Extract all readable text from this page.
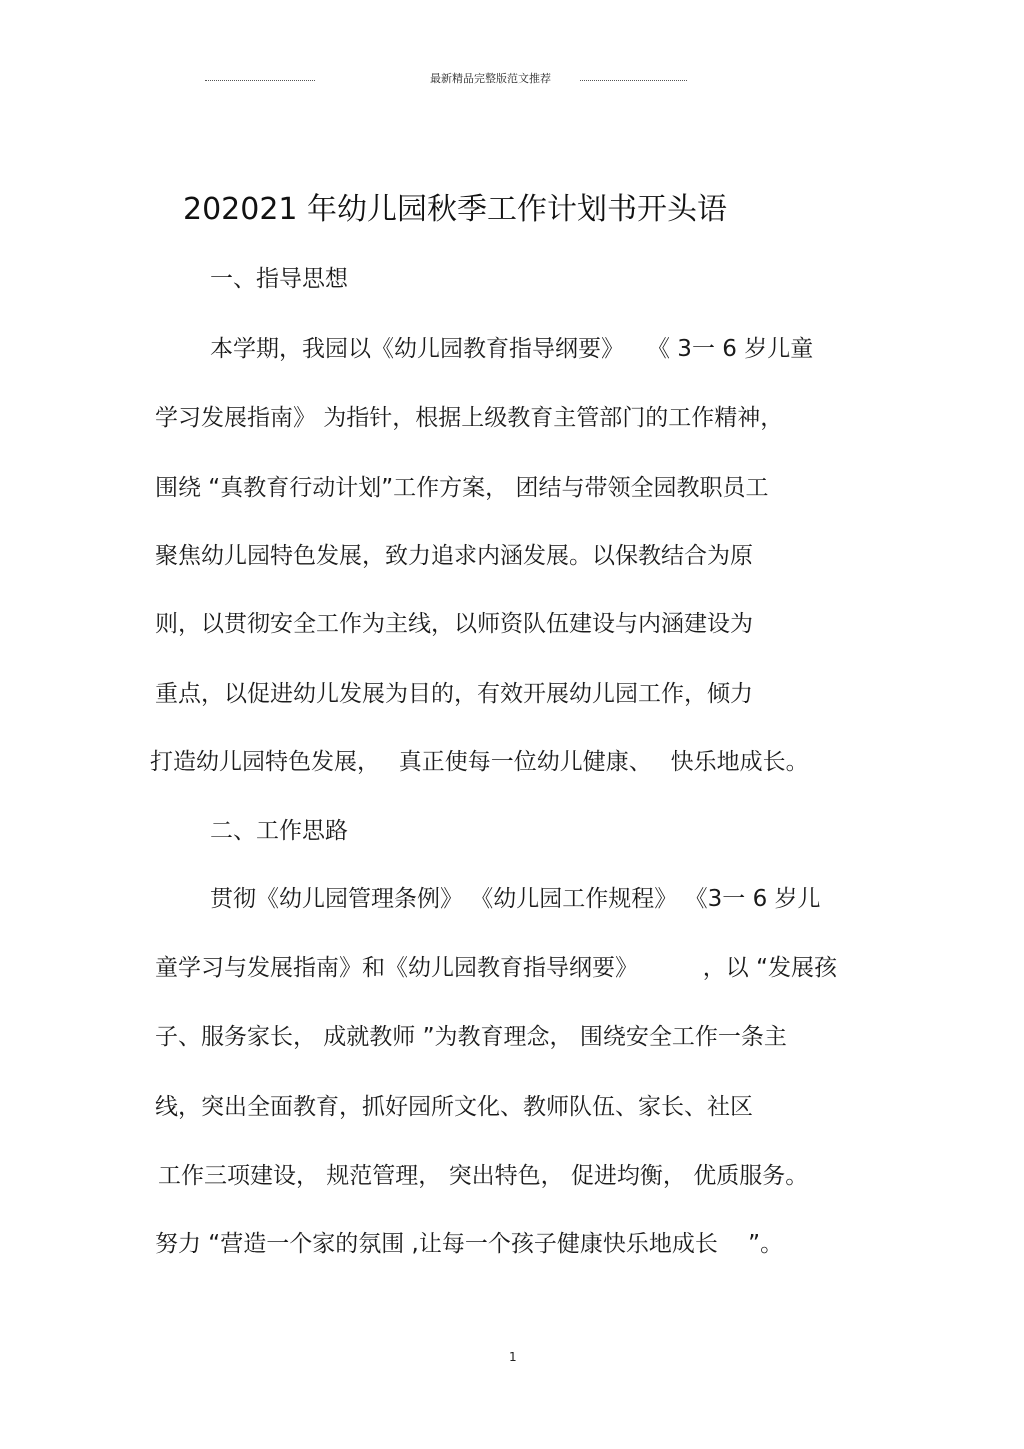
最新精品完整版范文推荐
202021 年幼儿园秋季工作计划书开头语
一、指导思想
本学期，我园以《幼儿园教育指导纲要》　　《 3一 6 岁儿童
学习发展指南》 为指针，根据上级教育主管部门的工作精神，
围绕 “真教育行动计划”工作方案， 团结与带领全园教职员工
聚焦幼儿园特色发展，致力追求内涵发展。以保教结合为原
则，以贯彻安全工作为主线，以师资队伍建设与内涵建设为
重点，以促进幼儿发展为目的，有效开展幼儿园工作，倾力
打造幼儿园特色发展，　 真正使每一位幼儿健康、　 快乐地成长。
二、工作思路
贯彻《幼儿园管理条例》 《幼儿园工作规程》 《3一 6 岁儿
童学习与发展指南》和《幼儿园教育指导纲要》　　　 ，以 “发展孩
子、服务家长， 成就教师 ”为教育理念， 围绕安全工作一条主
线，突出全面教育，抓好园所文化、教师队伍、家长、社区
工作三项建设， 规范管理， 突出特色， 促进均衡， 优质服务。
努力 “营造一个家的氛围 ,让每一个孩子健康快乐地成长　 ”。
1
